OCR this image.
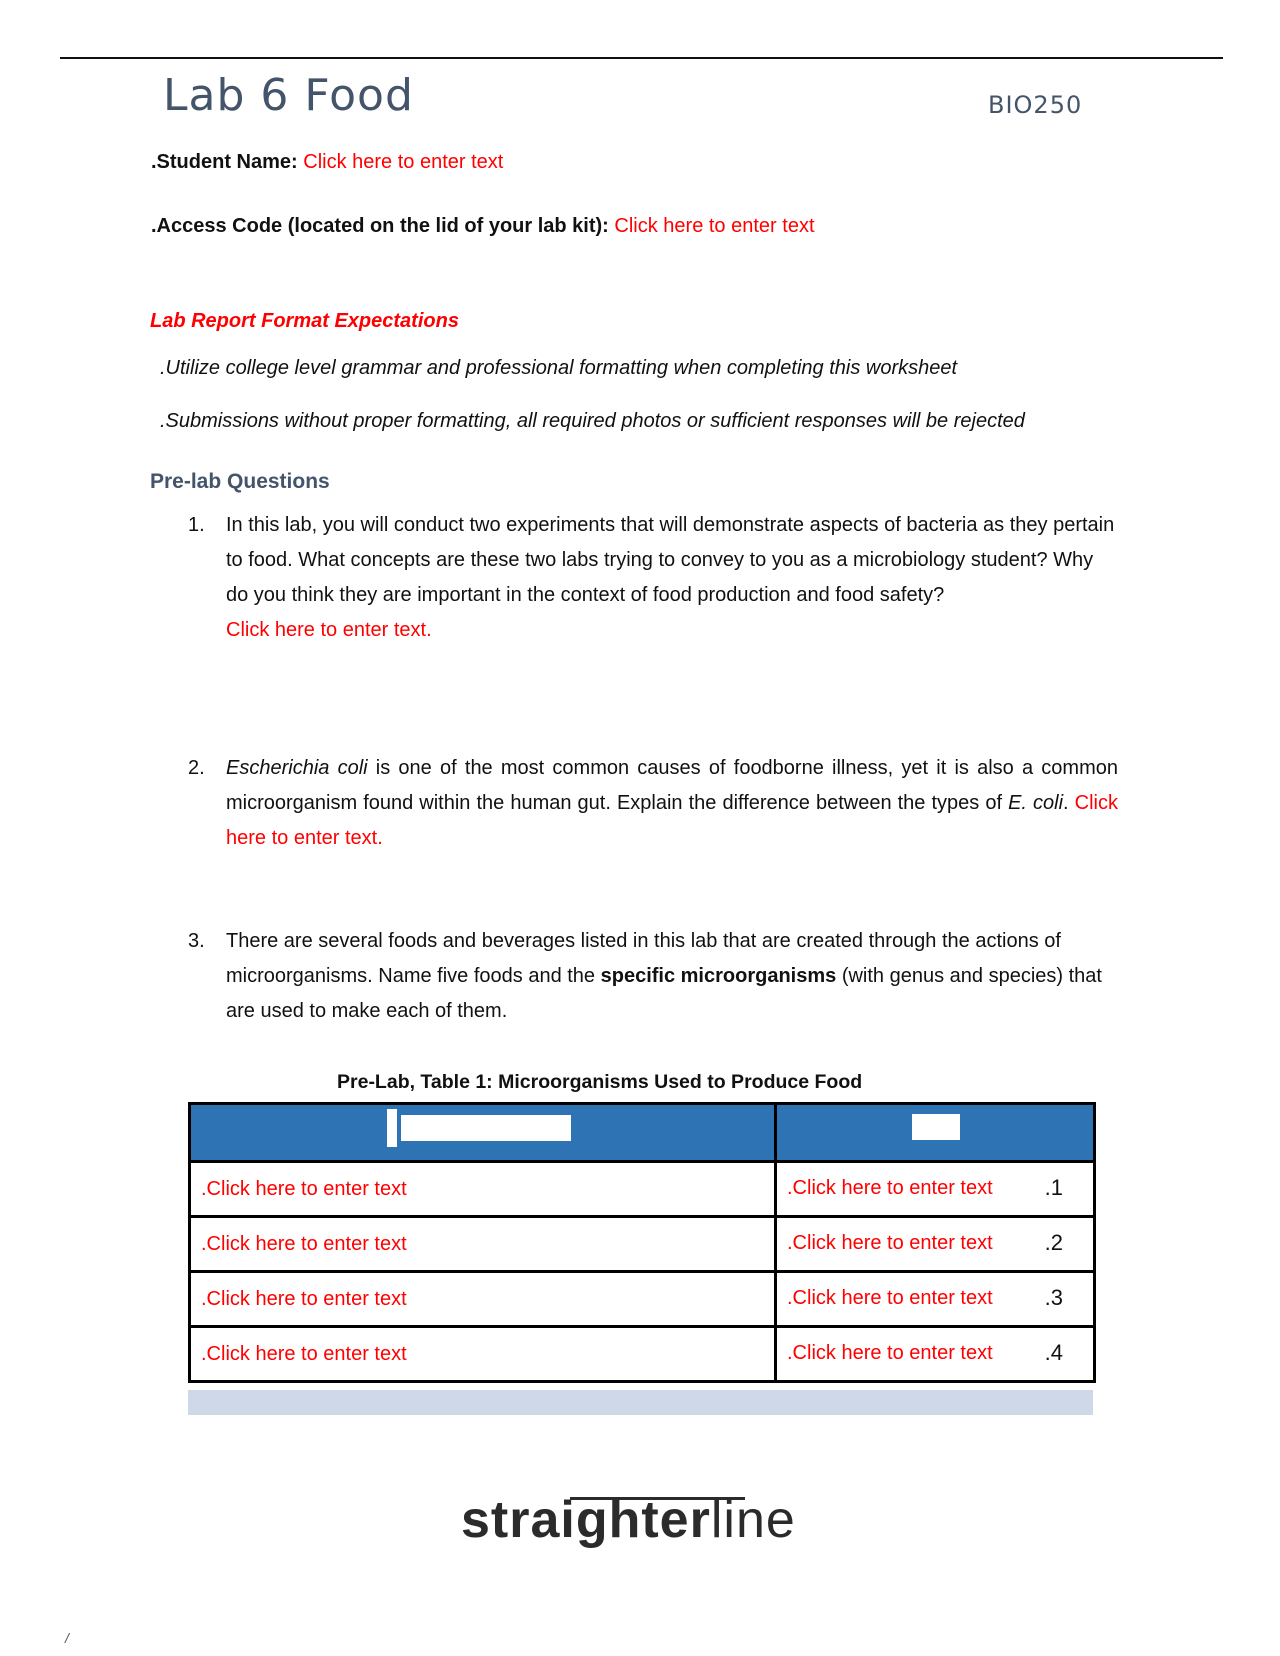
Lab 6 Food	BIO250
.Student Name: Click here to enter text
.Access Code (located on the lid of your lab kit): Click here to enter text
Lab Report Format Expectations
.Utilize college level grammar and professional formatting when completing this worksheet
.Submissions without proper formatting, all required photos or sufficient responses will be rejected
Pre-lab Questions
1. In this lab, you will conduct two experiments that will demonstrate aspects of bacteria as they pertain to food. What concepts are these two labs trying to convey to you as a microbiology student? Why do you think they are important in the context of food production and food safety?
Click here to enter text.
2. Escherichia coli is one of the most common causes of foodborne illness, yet it is also a common microorganism found within the human gut. Explain the difference between the types of E. coli. Click here to enter text.
3. There are several foods and beverages listed in this lab that are created through the actions of microorganisms. Name five foods and the specific microorganisms (with genus and species) that are used to make each of them.
Pre-Lab, Table 1: Microorganisms Used to Produce Food

.Click here to enter text	.Click here to enter text .1

.Click here to enter text	.Click here to enter text .2

.Click here to enter text	.Click here to enter text .3

.Click here to enter text	.Click here to enter text .4
straighterline
/
